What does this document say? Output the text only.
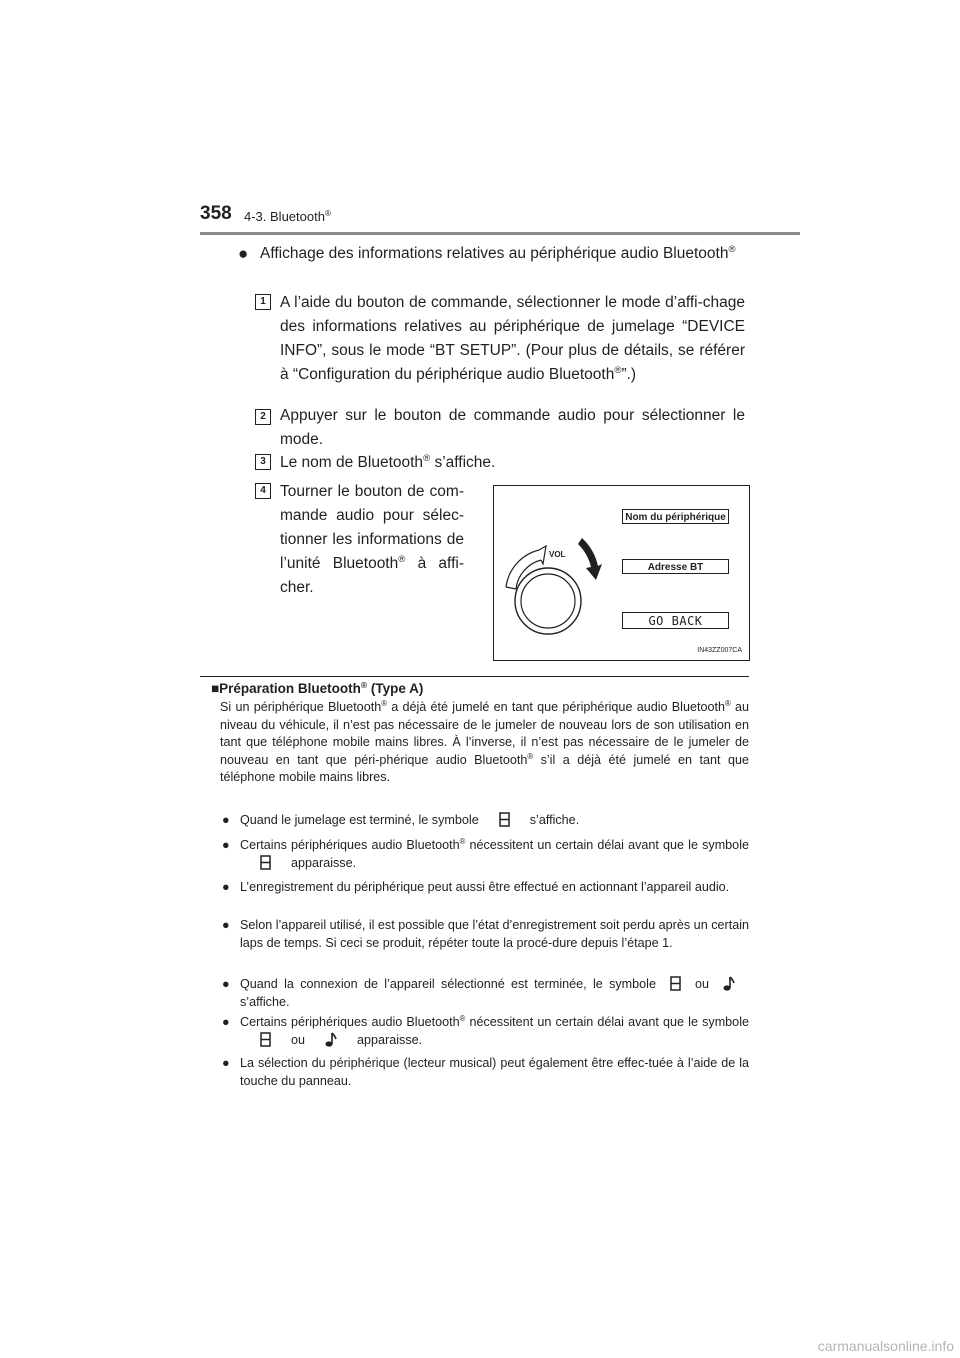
358 4-3. Bluetooth®
● Affichage des informations relatives au périphérique audio Bluetooth®
1 A l’aide du bouton de commande, sélectionner le mode d’affi-chage des informations relatives au périphérique de jumelage “DEVICE INFO”, sous le mode “BT SETUP”. (Pour plus de détails, se référer à “Configuration du périphérique audio Bluetooth®”.)
2 Appuyer sur le bouton de commande audio pour sélectionner le mode.
3 Le nom de Bluetooth® s’affiche.
4 Tourner le bouton de com-mande audio pour sélec-tionner les informations de l’unité Bluetooth® à affi-cher.
VOL
Nom du périphérique
Adresse BT
GO BACK
IN43ZZ007CA
■Préparation Bluetooth® (Type A)
Si un périphérique Bluetooth® a déjà été jumelé en tant que périphérique audio Bluetooth® au niveau du véhicule, il n’est pas nécessaire de le jumeler de nouveau lors de son utilisation en tant que téléphone mobile mains libres. À l’inverse, il n’est pas nécessaire de le jumeler de nouveau en tant que péri-phérique audio Bluetooth® s’il a déjà été jumelé en tant que téléphone mobile mains libres.
● Quand le jumelage est terminé, le symbole	s’affiche.
● Certains périphériques audio Bluetooth® nécessitent un certain délai avant que le symboleapparaisse.
● L’enregistrement du périphérique peut aussi être effectué en actionnant l’appareil audio.
● Selon l’appareil utilisé, il est possible que l’état d’enregistrement soit perdu après un certain laps de temps. Si ceci se produit, répéter toute la procé-dure depuis l’étape 1.
● Quand la connexion de l’appareil sélectionné est terminée, le symbole	ous’affiche.
● Certains périphériques audio Bluetooth® nécessitent un certain délai avant que le symboleou	apparaisse.
● La sélection du périphérique (lecteur musical) peut également être effec-tuée à l’aide de la touche du panneau.
carmanualsonline.info
